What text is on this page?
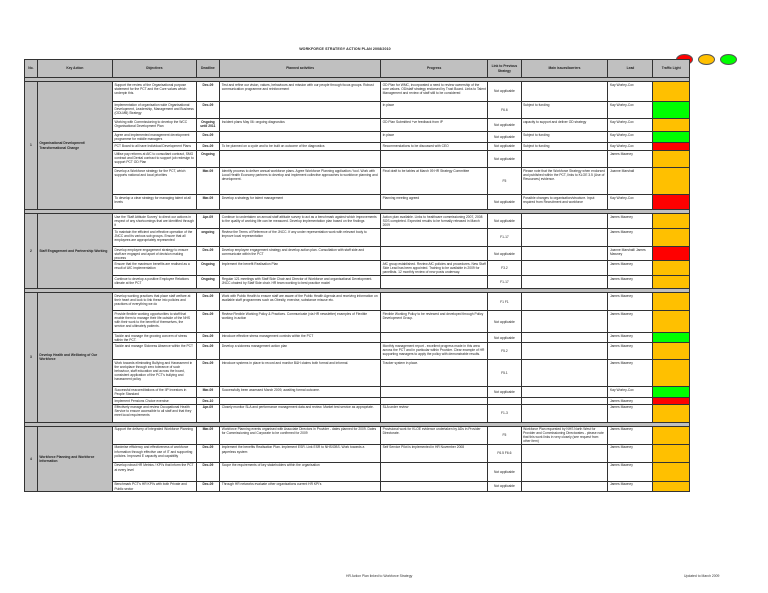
WORKFORCE STRATEGY ACTION PLAN 2008/2010
No.	Key Action	Objectives	Deadline	Planned activities	Progress	Link to Previous Strategy	Main issues/barriers	Lead	Traffic Light

1	Organisational Development/ Transformational Change	Support the review of the Organisational purpose statement for the PCT and the Core values which underpin this.	Dec-09	Test and refine our vision, values, behaviours and mission with our people through focus groups. Robust communication programme and reinforcement	OD Plan for WMC, incorporated a need to review ownership of the core values. OD/staff strategy endorsed by Trust Board. Links to Talent Management and review of staff still to be considered	Not applicable		Kay Worley-Cox	
		Implementation of organisation wide Organisational Development, Leadership, Management and Business (ODLMB) Strategy	Dec-09		In place	F6.6	Subject to funding	Kay Worley-Cox	
		Working with Commissioning to develop the WCC Organisational Development Plan	Ongoing until 2011	Incident plans May 06: ongoing diagnostics	OD Plan Submitted +ve feedback from IP	Not applicable	capacity to support and deliver OD strategy	Kay Worley-Cox	
		Agree and implemented management development programme for middle managers	Dec-09		In place	Not applicable	Subject to funding	Kay Worley-Cox	
		PCT Board to all have Individual Development Plans	Dec-09	To be planned on a cycle and to be built on outcome of the diagnostics	Recommendations to be discussed with CEO	Not applicable	Subject to funding	Kay Worley-Cox	
		Utilise pay reforms at AfC to consultant contract, SMG contract and Dental contract to support job redesign to support PCT OD Plan	Ongoing			Not applicable		James Mawney	
		Develop a Workforce strategy for the PCT, which supports national and local priorities	Mar-09	Identify process to deliver annual workforce plans. Agree Workforce Planning application / tool. Work with Local Health Economy partners to develop and implement collective approaches to workforce planning and development.	Final draft to be tables at March 09 HR Strategy Committee	F5	Please note that the Workforce Strategy when endorsed and published within the PCT, links to KLOE 3.5 (Use of Resources) evidence.	Joanne Marshall	
		To develop a clear strategy for managing talent at all levels	Mar-09	Develop a strategy for talent management	Planning meeting agreed	Not applicable	Possible changes to organisation/structure. Input required from Recruitment and workforce	Kay Worley-Cox	

2	Staff Engagement and Partnership Working	Use the 'Staff Attitude Survey' to direct our actions in respect of any shortcomings that are identified through it	Apr-09	Continue to undertaken an annual staff attitude survey to act as a benchmark against which improvements to the quality of working life can be measured. Develop implementation plan based on the findings	Action plan available. Links to healthcare commissioning 2007, 2008 SOS completed. Expected results to be formally released in March 2009	Not applicable		James Mawney	
		To maintain the efficient and effective operation of the JNCC and its various sub groups. Ensure that all employees are appropriately represented	ongoing	Review the Terms of Reference of the JNCC. If any under representation work with relevant body to improve local representation		F1-17		James Mawney	
		Develop employee engagement strategy to ensure staff are engaged and apart of decision making process	Dec-09	Develop employee engagement strategy and develop action plan. Consultation with staff side and communicate within the PCT		Not applicable		Joanne Marshall/ James Mawney	
		Ensure that the maximum benefits are realised as a result of AfC implementation	Ongoing	Implement the benefit Realisation Plan	AfC group established. Review AfC policies and procedures. New Staff Side Lead has been appointed. Training to be available in 2009 for panellists. 12 monthly review of new posts underway.	F3.2		James Mawney	
		Continue to develop a positive Employee Relations climate at the PCT	Ongoing	Regular 121 meetings with Staff Side Chair and Director of Workforce and organisational Development. JNCC chaired by Staff Side chair. HR team working to best practice model		F1-17		James Mawney	

3	Develop Health and Wellbeing of Our Workforce	Develop working practices that place staff welfare at their heart and look to link these into policies and practices of everything we do	Dec-09	Work with Public Health to ensure staff are aware of the Public Health Agenda and receiving information on available staff programmes such as Obesity, exercise, substance misuse etc.		F1 F1		James Mawney	
		Provide flexible working opportunities to staff that enable them to manage their life outside of the NHS with their work to the benefit of themselves, the service and ultimately patients.	Dec-09	Review Flexible Working Policy & Practices. Communicate (via HR newsletter) examples of Flexible working in action	Flexible Working Policy to be reviewed and developed through Policy Development Group.	Not applicable		James Mawney	
		Tackle and manage the growing concern of stress within the PCT.	Dec-09	Introduce effective stress management controls within the PCT		Not applicable		James Mawney	
		Tackle and manage Sickness Absence within the PCT	Dec-09	Develop a sickness management action plan	Monthly management report - excellent progress made in this area across the PCT and in particular within Provider. Clear example of HR supporting managers to apply the policy with demonstrable results.	F5.2		James Mawney	
		Work towards eliminating Bullying and Harassment in the workplace through zero tolerance of such behaviour, staff education and across the board, consistent application of the PCT's bullying and harassment policy	Dec-09	Introduce systems in place to record and monitor B&H claims both formal and informal.	Tracker system in place.	F5.1		James Mawney	
		Successful reaccreditations of the IIP Investors in People Standard	Mar-09	Successfully been assessed March 2009, awaiting formal outcome.		Not applicable		Kay Worley-Cox	
		Implement Pensions Choice exercise	Dec-10					James Mawney	
		Effectively manage and review Occupational Health Service to ensure accessible to all staff and that they meet local requirements	Apr-09	Closely monitor SLA and performance management data and review. Market test service as appropriate.	SLA under review	F1-3		James Mawney	

4	Workforce Planning and Workforce Information	Support the delivery of Integrated Workforce Planning	Mar-09	Workforce Planning events organised with Associate Directors in Provider - dates planned for 2009. Dates for Commissioning and Corporate to be confirmed for 2009	Provisional work for KLOE evidence undertaken by ADs in Provider Directorate.	F5	Workforce Plan requested by NHS North West for Provider and Commissioning Directorates - please note that this work links in very closely (see request from other item)	James Mawney	
		Maximise efficiency and effectiveness of workforce information through effective use of IT and supporting policies. Improved E capacity and capability	Dec-09	Implement the benefits Realisation Plan. Implement ESR. Link ESR to NHS/OBS. Work towards a paperless system	Self Service Pilot is implemented in HR November 2008	F6.5 F6.6		James Mawney	
		Develop robust HR Metrics / KPI's that inform the PCT at every level	Dec-09	Scope the requirements of key stakeholders within the organisation		Not applicable		James Mawney	
		Benchmark PCT's HR KPI's with both Private and Public sector	Dec-09	Through HR networks evaluate other organisations current HR KPI's		Not applicable		James Mawney	
HR Action Plan linked to Workforce Strategy	Updated to March 2009
